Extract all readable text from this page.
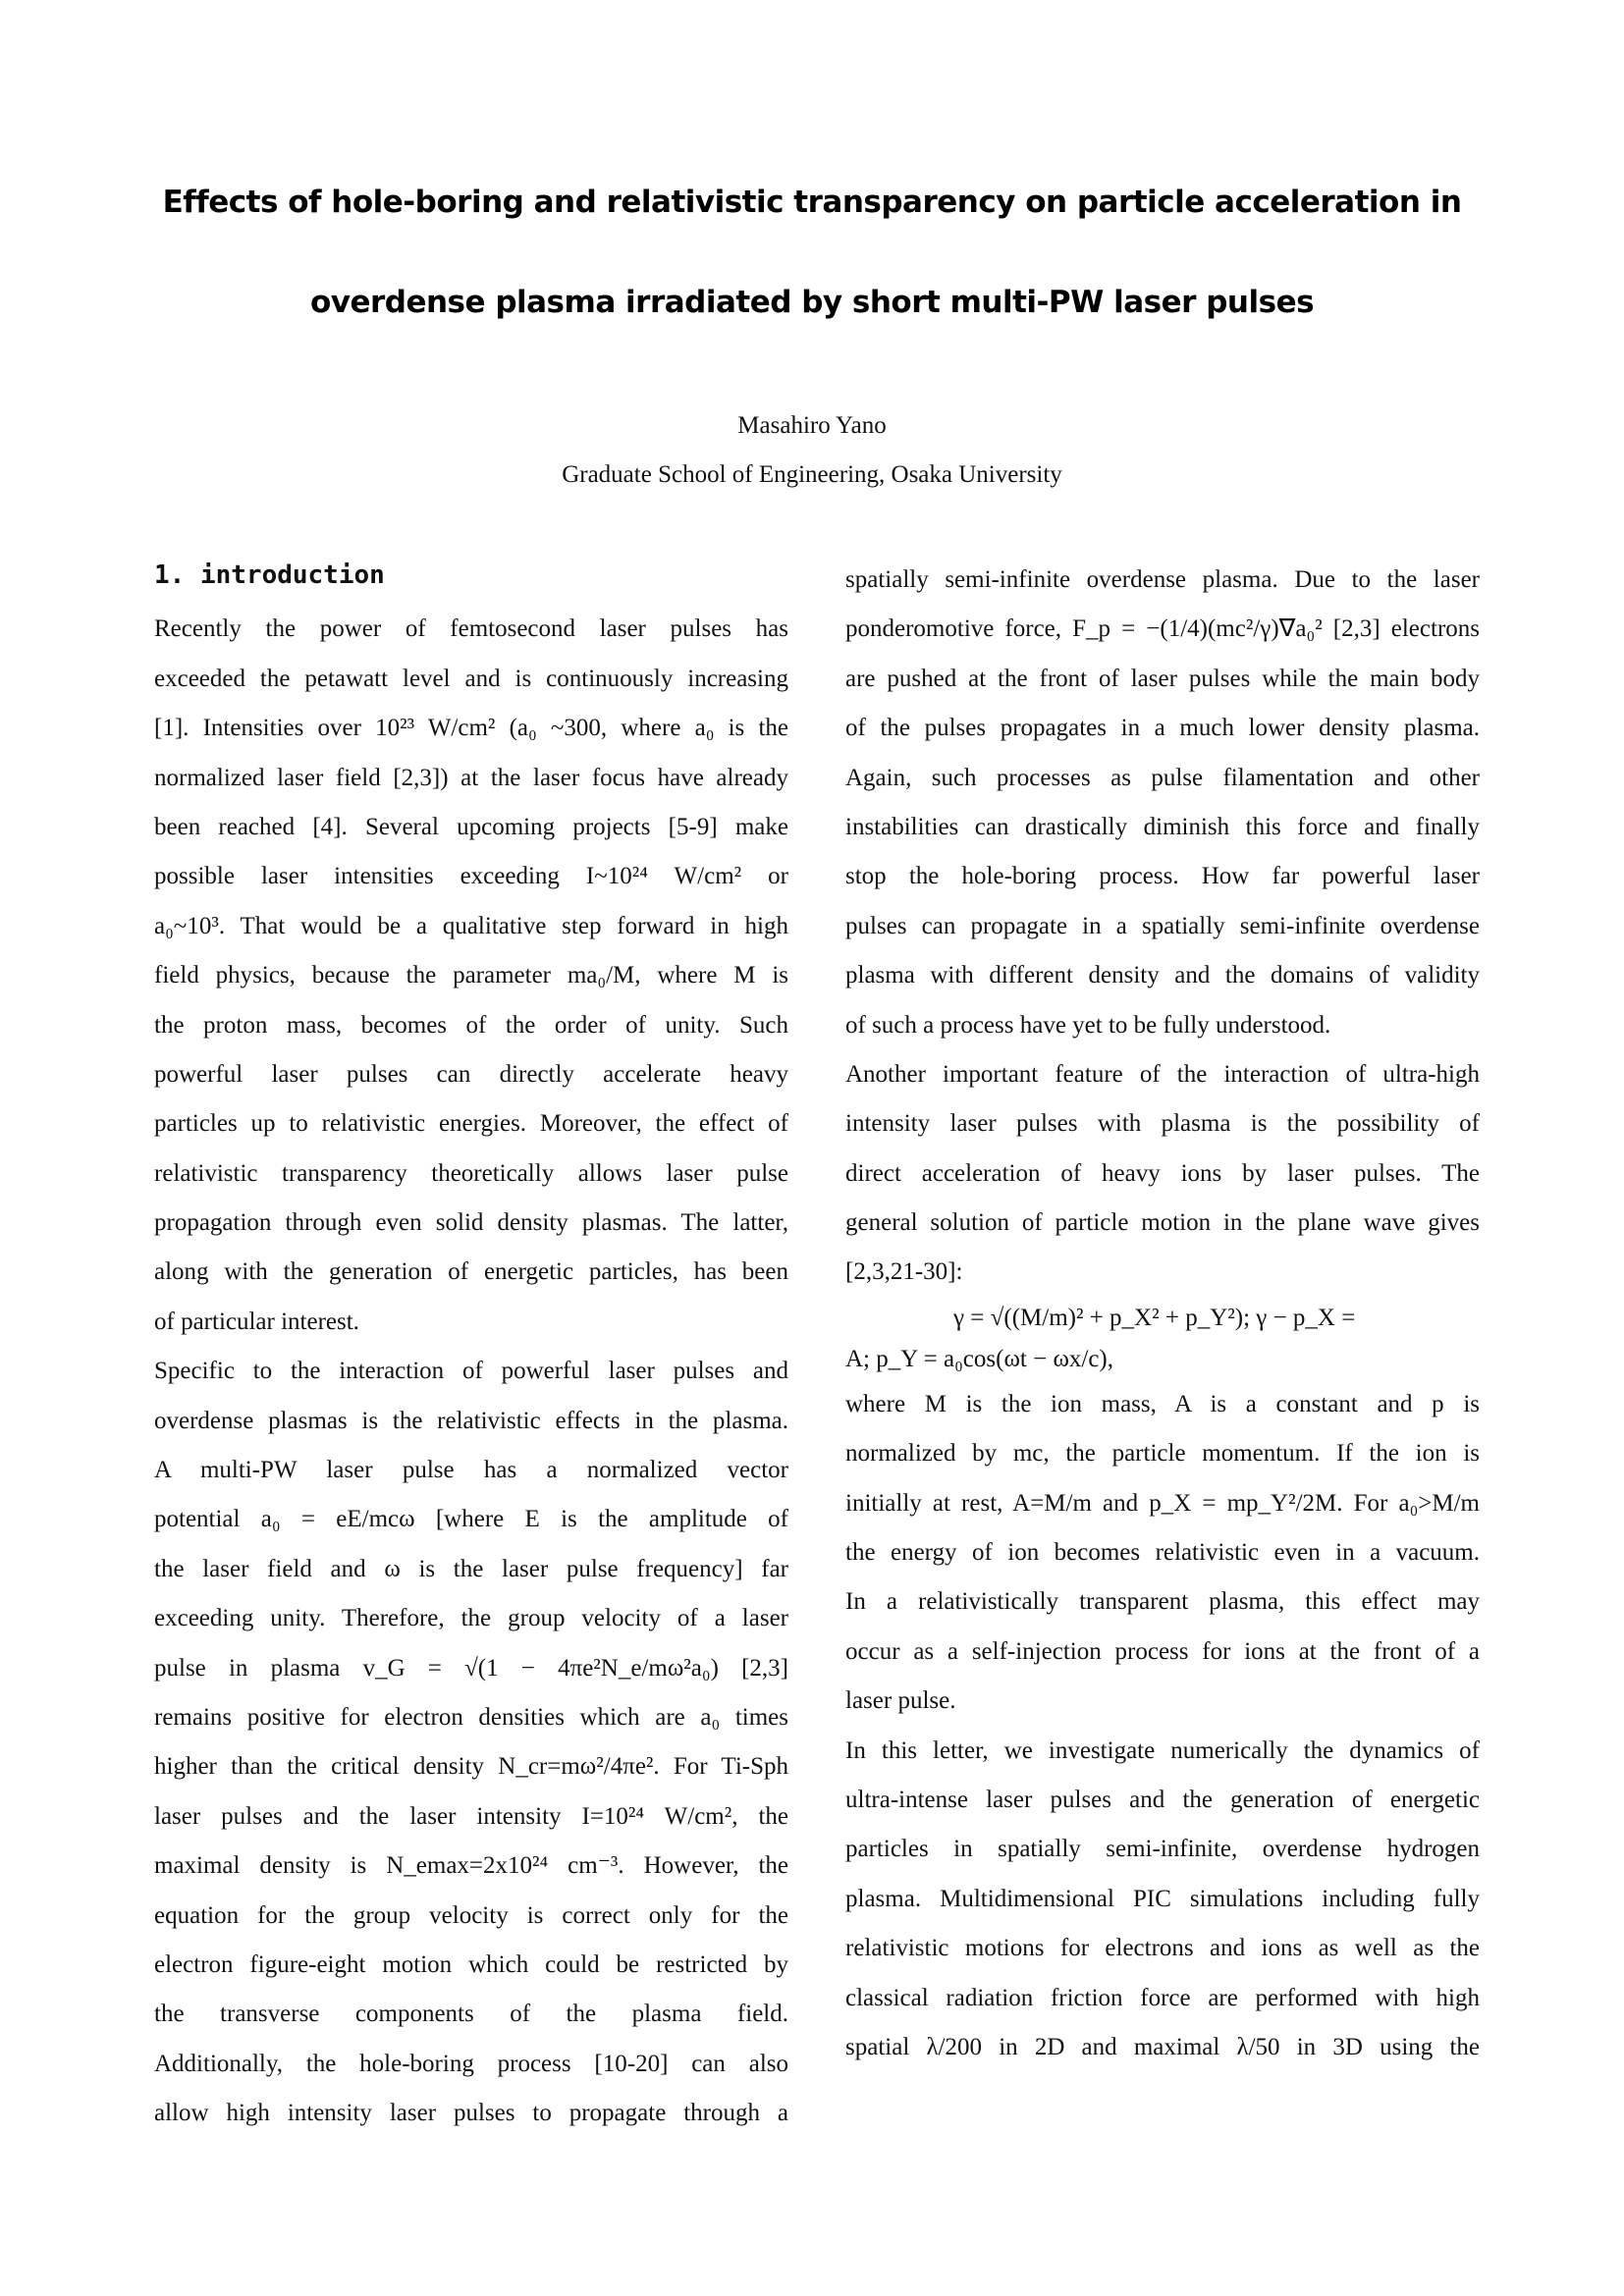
Effects of hole-boring and relativistic transparency on particle acceleration in
overdense plasma irradiated by short multi-PW laser pulses
Masahiro Yano
Graduate School of Engineering, Osaka University
1. introduction
Recently the power of femtosecond laser pulses has
exceeded the petawatt level and is continuously increasing
[1]. Intensities over 10²³ W/cm² (a₀ ~300, where a₀ is the
normalized laser field [2,3]) at the laser focus have already
been reached [4]. Several upcoming projects [5-9] make
possible laser intensities exceeding I~10²⁴ W/cm² or
a₀~10³. That would be a qualitative step forward in high
field physics, because the parameter ma₀/M, where M is
the proton mass, becomes of the order of unity. Such
powerful laser pulses can directly accelerate heavy
particles up to relativistic energies. Moreover, the effect of
relativistic transparency theoretically allows laser pulse
propagation through even solid density plasmas. The latter,
along with the generation of energetic particles, has been
of particular interest.
Specific to the interaction of powerful laser pulses and
overdense plasmas is the relativistic effects in the plasma.
A multi-PW laser pulse has a normalized vector
potential a₀ = eE/mcω [where E is the amplitude of
the laser field and ω is the laser pulse frequency] far
exceeding unity. Therefore, the group velocity of a laser
pulse in plasma v_G = √(1 − 4πe²N_e/mω²a₀) [2,3]
remains positive for electron densities which are a₀ times
higher than the critical density N_cr=mω²/4πe². For Ti-Sph
laser pulses and the laser intensity I=10²⁴ W/cm², the
maximal density is N_emax=2x10²⁴ cm⁻³. However, the
equation for the group velocity is correct only for the
electron figure-eight motion which could be restricted by
the transverse components of the plasma field.
Additionally, the hole-boring process [10-20] can also
allow high intensity laser pulses to propagate through a
spatially semi-infinite overdense plasma. Due to the laser
ponderomotive force, F_p = −(1/4)(mc²/γ)∇a₀² [2,3] electrons
are pushed at the front of laser pulses while the main body
of the pulses propagates in a much lower density plasma.
Again, such processes as pulse filamentation and other
instabilities can drastically diminish this force and finally
stop the hole-boring process. How far powerful laser
pulses can propagate in a spatially semi-infinite overdense
plasma with different density and the domains of validity
of such a process have yet to be fully understood.
Another important feature of the interaction of ultra-high
intensity laser pulses with plasma is the possibility of
direct acceleration of heavy ions by laser pulses. The
general solution of particle motion in the plane wave gives
[2,3,21-30]:
γ = √((M/m)² + p_X² + p_Y²); γ − p_X =
A; p_Y = a₀cos(ωt − ωx/c),
where M is the ion mass, A is a constant and p is
normalized by mc, the particle momentum. If the ion is
initially at rest, A=M/m and p_X = mp_Y²/2M. For a₀>M/m
the energy of ion becomes relativistic even in a vacuum.
In a relativistically transparent plasma, this effect may
occur as a self-injection process for ions at the front of a
laser pulse.
In this letter, we investigate numerically the dynamics of
ultra-intense laser pulses and the generation of energetic
particles in spatially semi-infinite, overdense hydrogen
plasma. Multidimensional PIC simulations including fully
relativistic motions for electrons and ions as well as the
classical radiation friction force are performed with high
spatial λ/200 in 2D and maximal λ/50 in 3D using the
